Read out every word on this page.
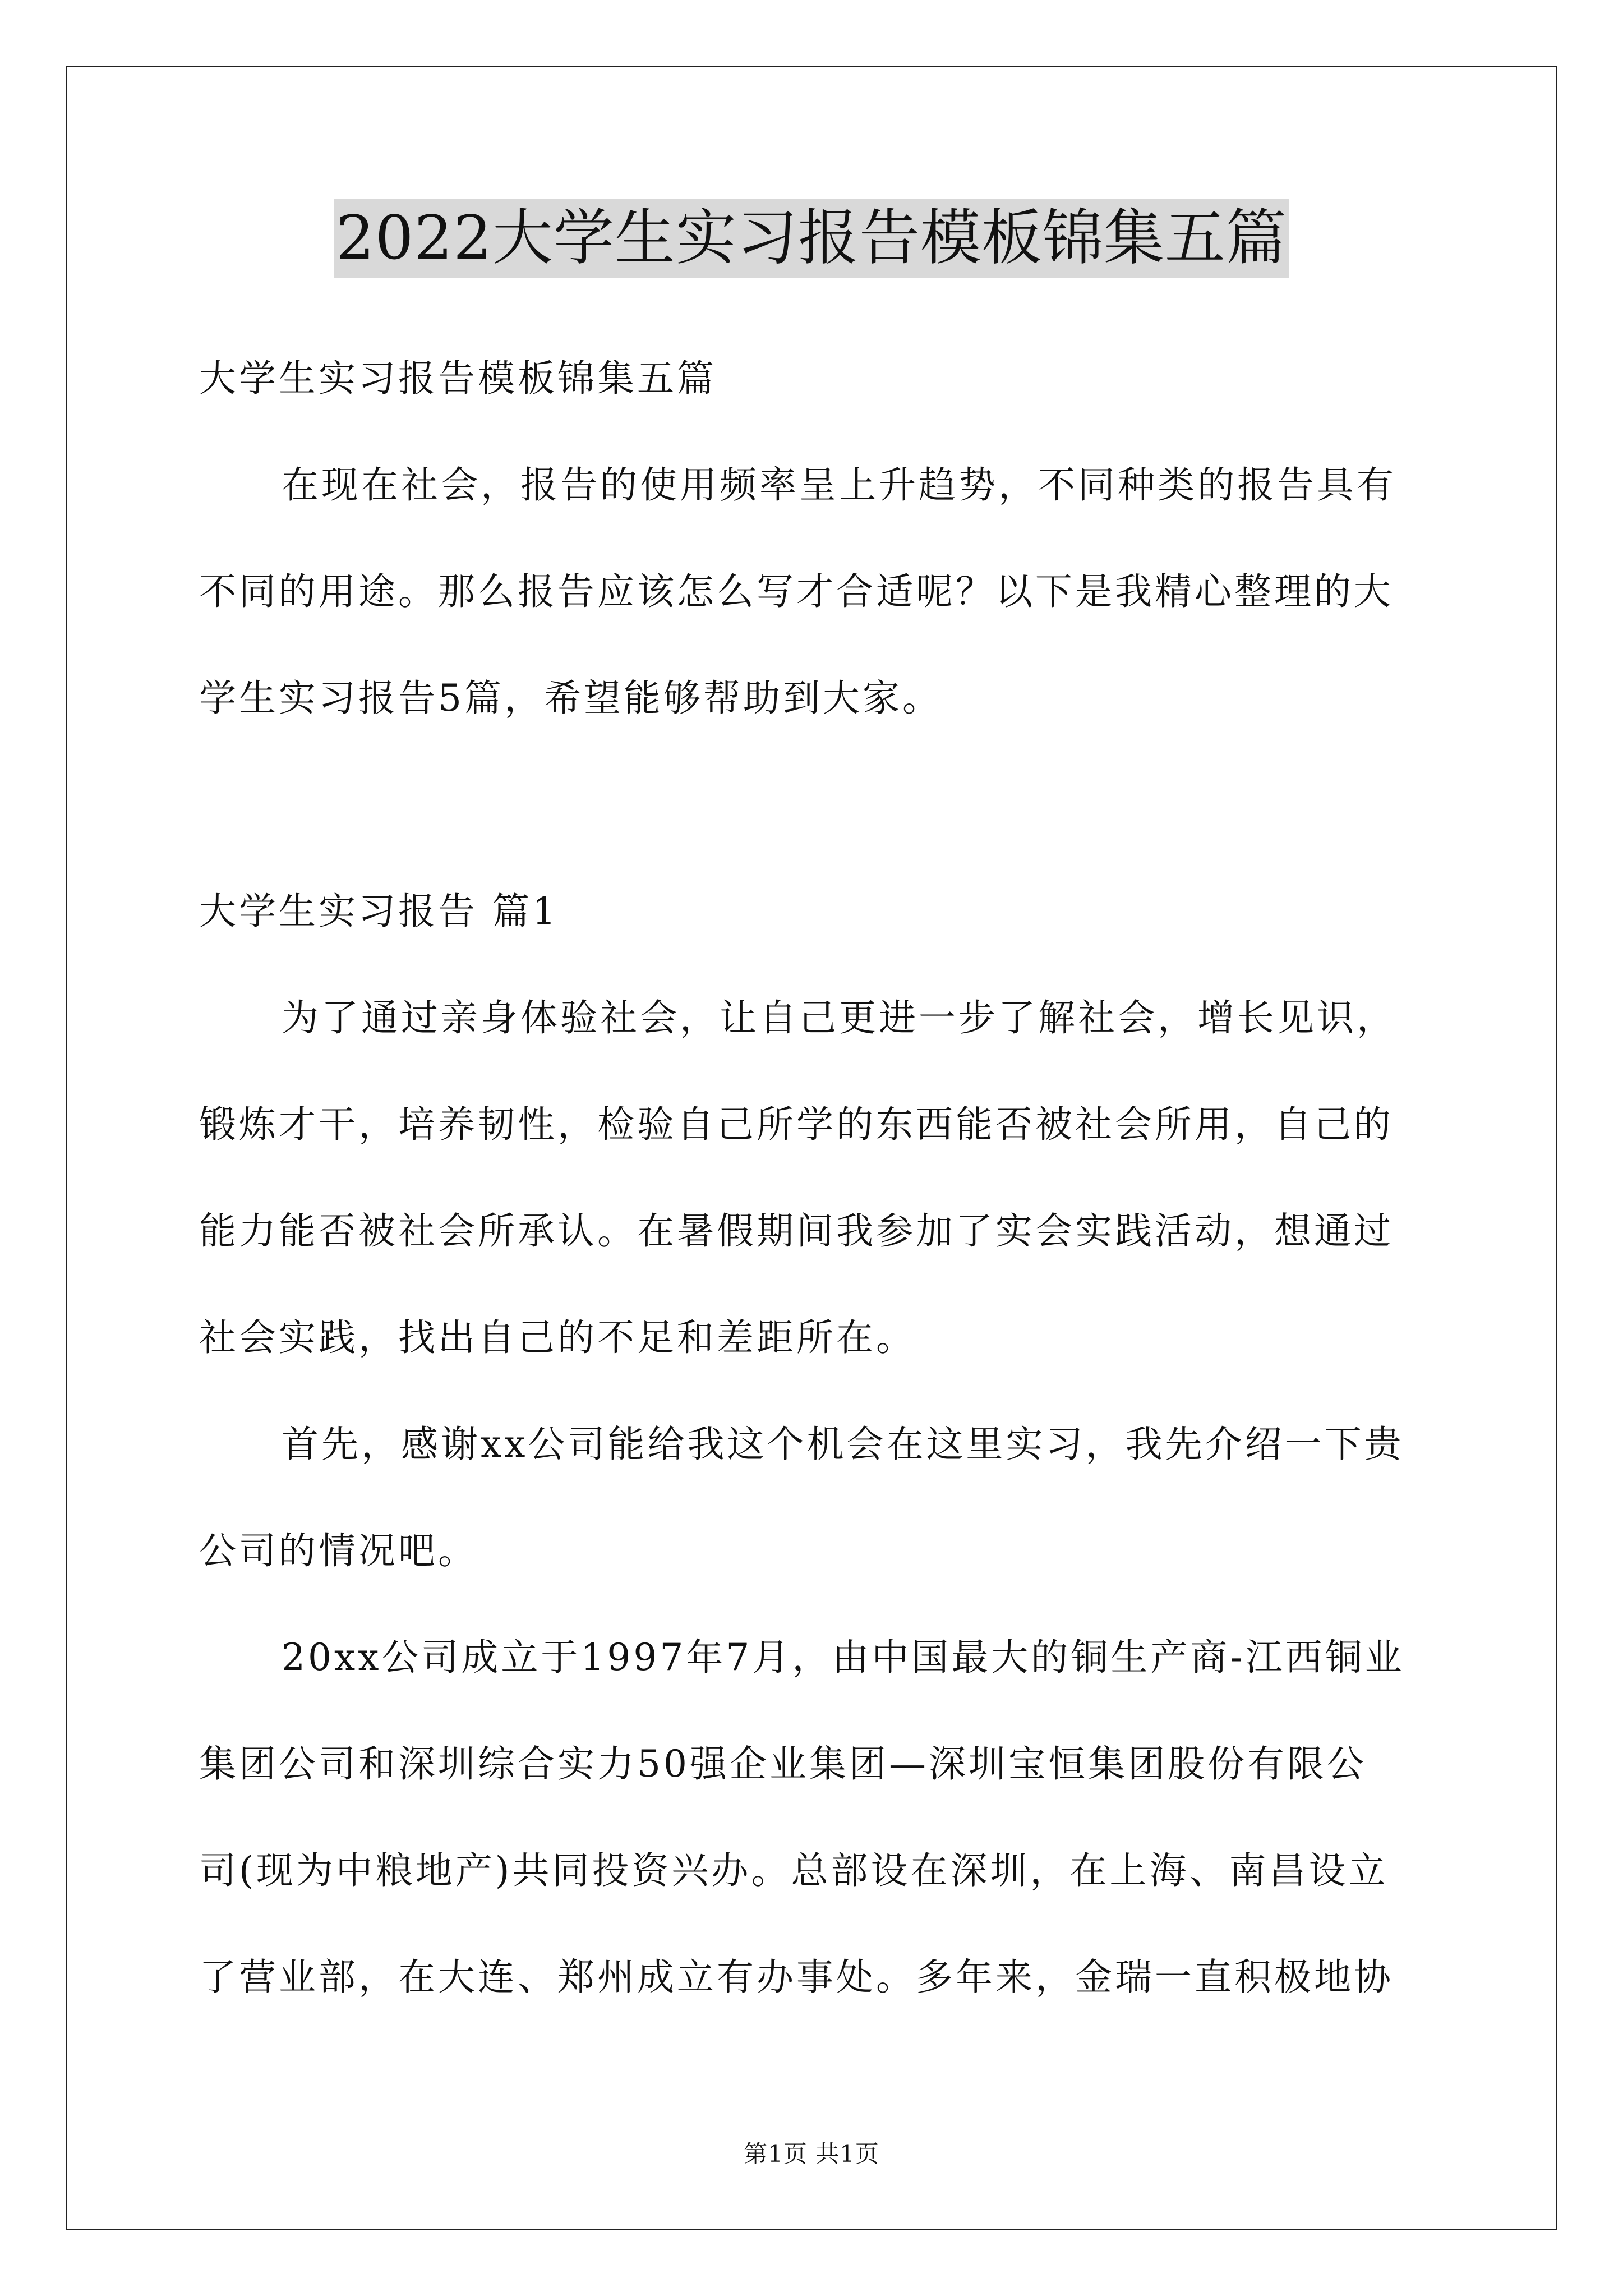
2022大学生实习报告模板锦集五篇
大学生实习报告模板锦集五篇
在现在社会，报告的使用频率呈上升趋势，不同种类的报告具有
不同的用途。那么报告应该怎么写才合适呢？以下是我精心整理的大
学生实习报告5篇，希望能够帮助到大家。
大学生实习报告 篇1
为了通过亲身体验社会，让自己更进一步了解社会，增长见识，
锻炼才干，培养韧性，检验自己所学的东西能否被社会所用，自己的
能力能否被社会所承认。在暑假期间我参加了实会实践活动，想通过
社会实践，找出自己的不足和差距所在。
首先，感谢xx公司能给我这个机会在这里实习，我先介绍一下贵
公司的情况吧。
20xx公司成立于1997年7月，由中国最大的铜生产商-江西铜业
集团公司和深圳综合实力50强企业集团—深圳宝恒集团股份有限公
司(现为中粮地产)共同投资兴办。总部设在深圳，在上海、南昌设立
了营业部，在大连、郑州成立有办事处。多年来，金瑞一直积极地协
第1页 共1页
